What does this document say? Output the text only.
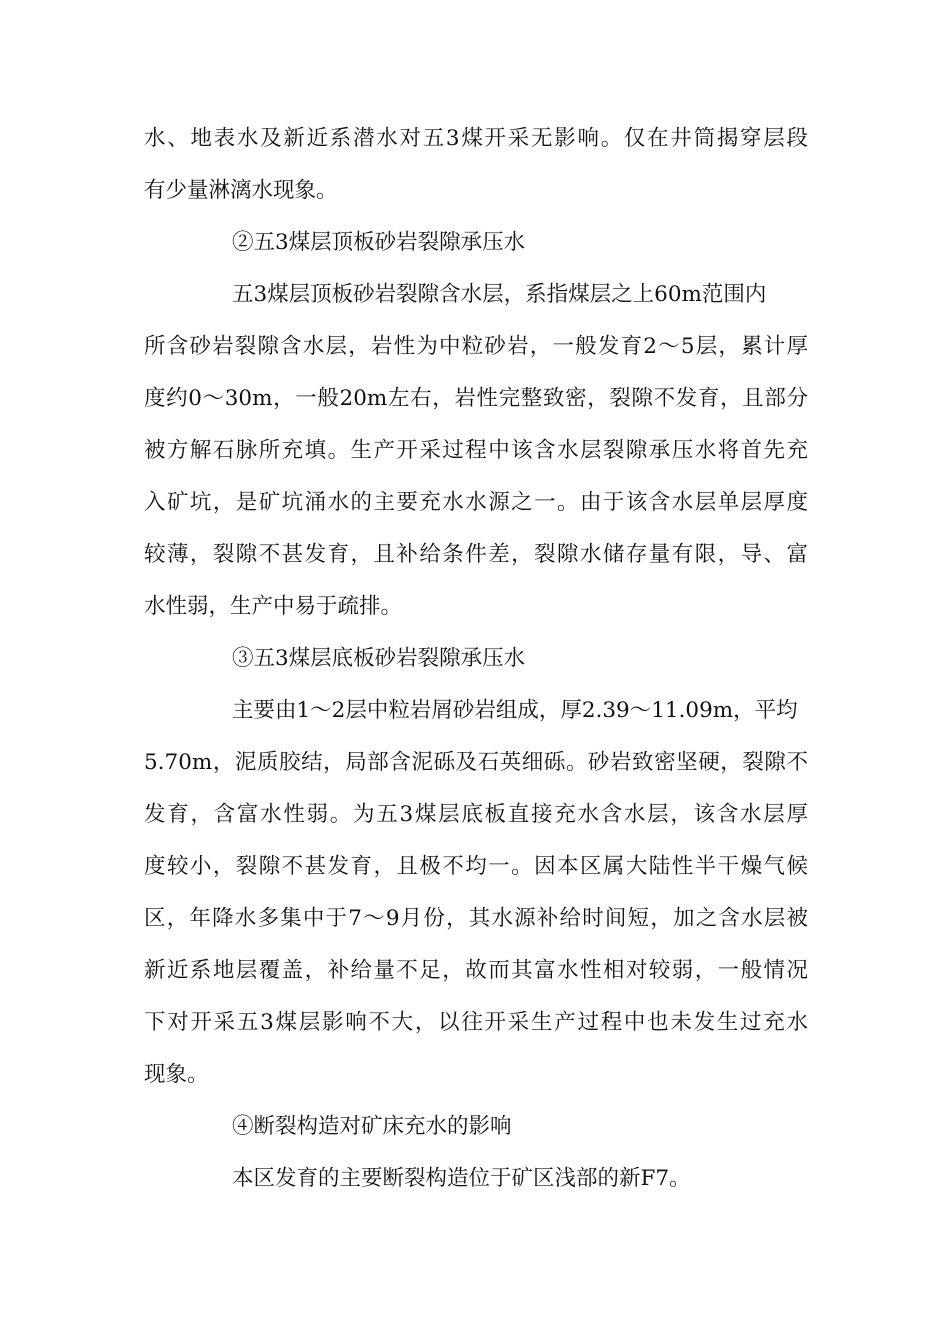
水、地表水及新近系潜水对五3煤开采无影响。仅在井筒揭穿层段
有少量淋漓水现象。
②五3煤层顶板砂岩裂隙承压水
五3煤层顶板砂岩裂隙含水层，系指煤层之上60m范围内
所含砂岩裂隙含水层，岩性为中粒砂岩，一般发育2～5层，累计厚
度约0～30m，一般20m左右，岩性完整致密，裂隙不发育，且部分
被方解石脉所充填。生产开采过程中该含水层裂隙承压水将首先充
入矿坑，是矿坑涌水的主要充水水源之一。由于该含水层单层厚度
较薄，裂隙不甚发育，且补给条件差，裂隙水储存量有限，导、富
水性弱，生产中易于疏排。
③五3煤层底板砂岩裂隙承压水
主要由1～2层中粒岩屑砂岩组成，厚2.39～11.09m，平均
5.70m，泥质胶结，局部含泥砾及石英细砾。砂岩致密坚硬，裂隙不
发育，含富水性弱。为五3煤层底板直接充水含水层，该含水层厚
度较小，裂隙不甚发育，且极不均一。因本区属大陆性半干燥气候
区，年降水多集中于7～9月份，其水源补给时间短，加之含水层被
新近系地层覆盖，补给量不足，故而其富水性相对较弱，一般情况
下对开采五3煤层影响不大，以往开采生产过程中也未发生过充水
现象。
④断裂构造对矿床充水的影响
本区发育的主要断裂构造位于矿区浅部的新F7。
